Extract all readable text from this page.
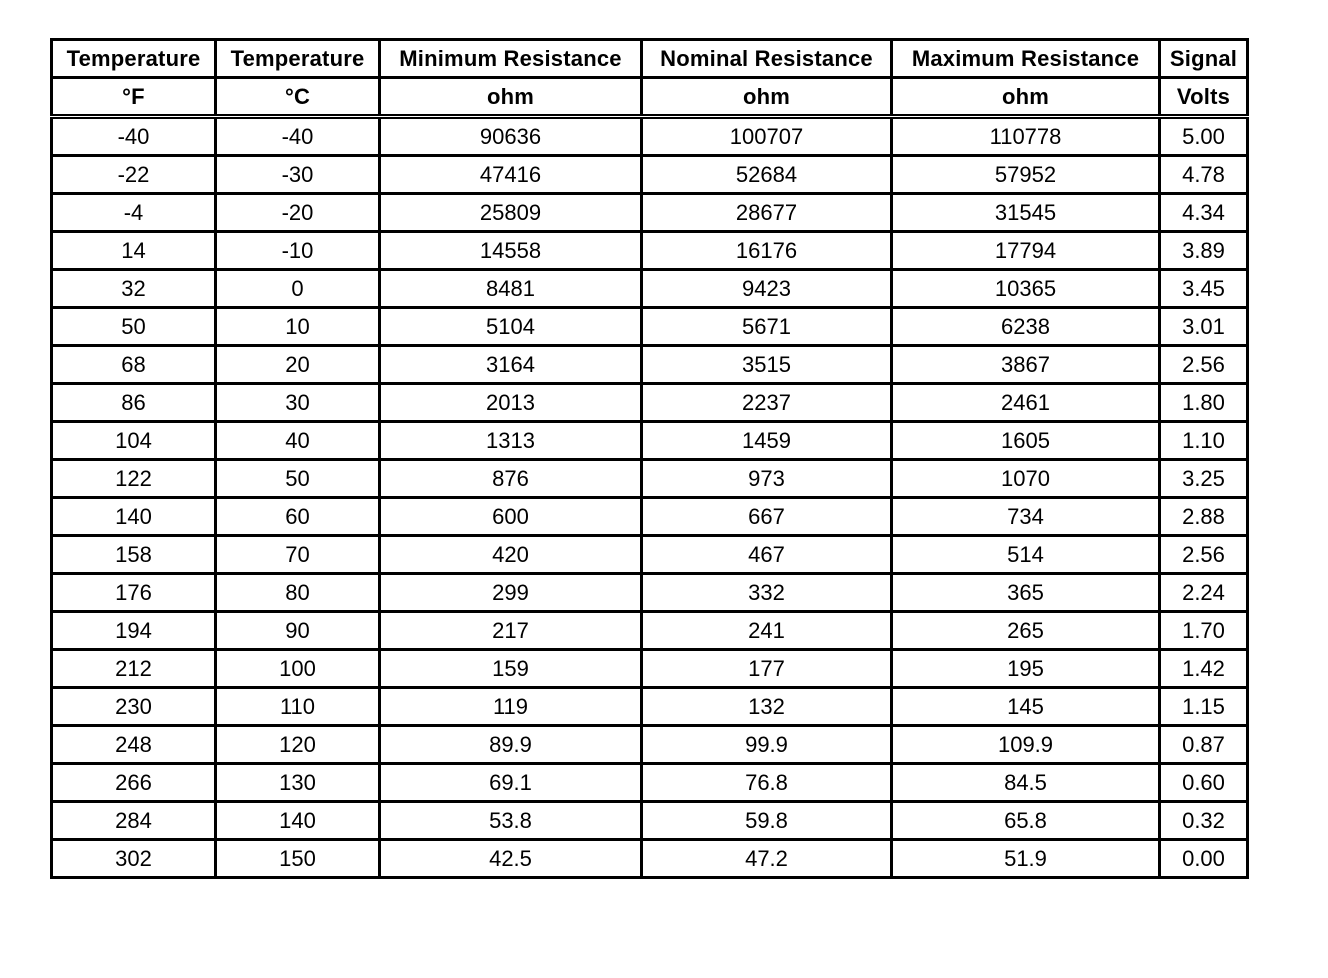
Temperature	Temperature	Minimum Resistance	Nominal Resistance	Maximum Resistance	Signal
°F	°C	ohm	ohm	ohm	Volts
-40	-40	90636	100707	110778	5.00
-22	-30	47416	52684	57952	4.78
-4	-20	25809	28677	31545	4.34
14	-10	14558	16176	17794	3.89
32	0	8481	9423	10365	3.45
50	10	5104	5671	6238	3.01
68	20	3164	3515	3867	2.56
86	30	2013	2237	2461	1.80
104	40	1313	1459	1605	1.10
122	50	876	973	1070	3.25
140	60	600	667	734	2.88
158	70	420	467	514	2.56
176	80	299	332	365	2.24
194	90	217	241	265	1.70
212	100	159	177	195	1.42
230	110	119	132	145	1.15
248	120	89.9	99.9	109.9	0.87
266	130	69.1	76.8	84.5	0.60
284	140	53.8	59.8	65.8	0.32
302	150	42.5	47.2	51.9	0.00
